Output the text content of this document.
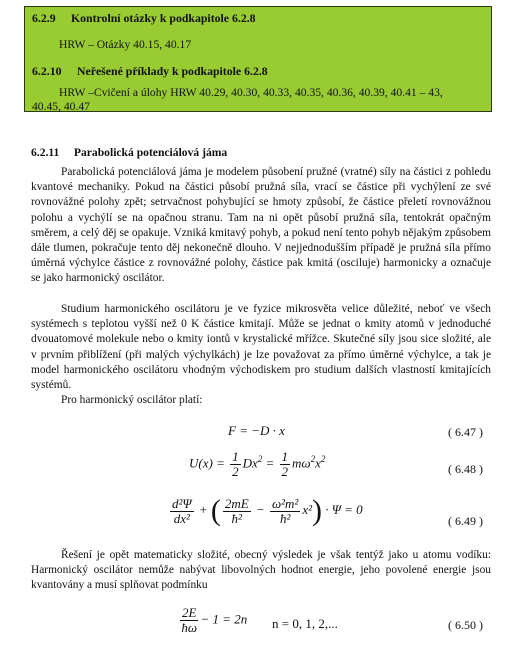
6.2.9 Kontrolní otázky k podkapitole 6.2.8
HRW – Otázky 40.15, 40.17
6.2.10 Neřešené příklady k podkapitole 6.2.8
HRW –Cvičení a úlohy HRW 40.29, 40.30, 40.33, 40.35, 40.36, 40.39, 40.41 – 43,
40.45, 40.47
6.2.11 Parabolická potenciálová jáma
Parabolická potenciálová jáma je modelem působení pružné (vratné) síly na částici z pohledu kvantové mechaniky. Pokud na částici působí pružná síla, vrací se částice při vychýlení ze své rovnovážné polohy zpět; setrvačnost pohybující se hmoty způsobí, že částice přeletí rovnovážnou polohu a vychýlí se na opačnou stranu. Tam na ni opět působí pružná síla, tentokrát opačným směrem, a celý děj se opakuje. Vzniká kmitavý pohyb, a pokud není tento pohyb nějakým způsobem dále tlumen, pokračuje tento děj nekonečně dlouho. V nejjednodušším případě je pružná síla přímo úměrná výchylce částice z rovnovážné polohy, částice pak kmitá (osciluje) harmonicky a označuje se jako harmonický oscilátor.
Studium harmonického oscilátoru je ve fyzice mikrosvěta velice důležité, neboť ve všech systémech s teplotou vyšší než 0 K částice kmitají. Může se jednat o kmity atomů v jednoduché dvouatomové molekule nebo o kmity iontů v krystalické mřížce. Skutečné síly jsou sice složité, ale v prvním přiblížení (při malých výchylkách) je lze považovat za přímo úměrné výchylce, a tak je model harmonického oscilátoru vhodným východiskem pro studium dalších vlastností kmitajících systémů.
Pro harmonický oscilátor platí:
F = −D · x	( 6.47 )
$U(x) = \frac{1}{2} Dx^2 = \frac{1}{2} m\omega^2x^2$
( 6.48 )
$\frac{\text{d²Ψ}}{\text{dx²}}$ + ( $\frac{2mE}{\text{ħ²}} - \frac{\text{ω²m²}}{\text{ħ²}} x^2) \cdot \Psi = 0$
( 6.49 )
Řešení je opět matematicky složité, obecný výsledek je však tentýž jako u atomu vodíku: Harmonický oscilátor nemůže nabývat libovolných hodnot energie, jeho povolené energie jsou kvantovány a musí splňovat podmínku
$\frac{2E}{ħ\omega} - 1 = 2n$ n = 0, 1, 2,...	( 6.50 )
